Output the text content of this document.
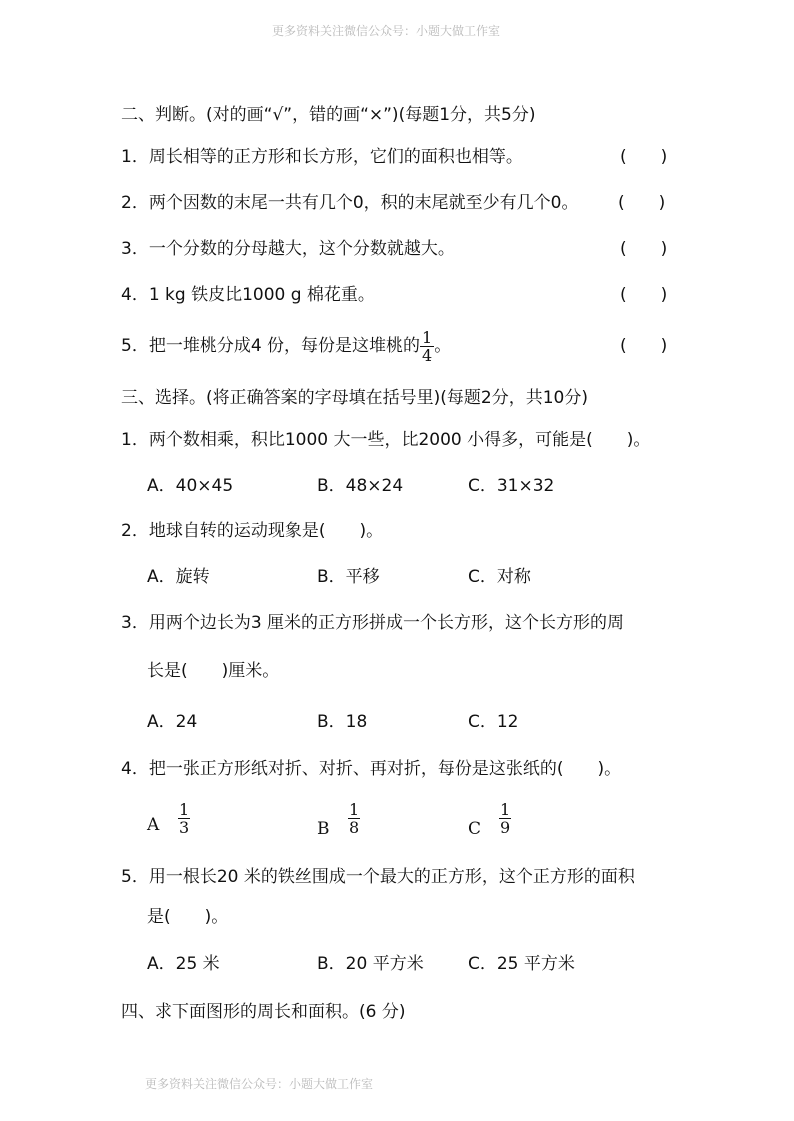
更多资料关注微信公众号：小题大做工作室
二、判断。(对的画“√”，错的画“×”)(每题1分，共5分)
1．周长相等的正方形和长方形，它们的面积也相等。	(　　)
2．两个因数的末尾一共有几个0，积的末尾就至少有几个0。 (　　)
3．一个分数的分母越大，这个分数就越大。	(　　)
4．1 kg 铁皮比1000 g 棉花重。	(　　)
5．把一堆桃分成4 份，每份是这堆桃的 $\frac{1}{4}$ 。	(　　)
三、选择。(将正确答案的字母填在括号里)(每题2分，共10分)
1．两个数相乘，积比1000 大一些，比2000 小得多，可能是(　　)。
A．40×45	B．48×24	C．31×32
2．地球自转的运动现象是(　　)。
A．旋转	B．平移	C．对称
3．用两个边长为3 厘米的正方形拼成一个长方形，这个长方形的周
长是(　　)厘米。
A．24	B．18	C．12
4．把一张正方形纸对折、对折、再对折，每份是这张纸的(　　)。
A $\frac{1}{3}$	B $\frac{1}{8}$	C $\frac{1}{9}$
5．用一根长20 米的铁丝围成一个最大的正方形，这个正方形的面积
是(　　)。
A．25 米	B．20 平方米	C．25 平方米
四、求下面图形的周长和面积。(6 分)
更多资料关注微信公众号：小题大做工作室
